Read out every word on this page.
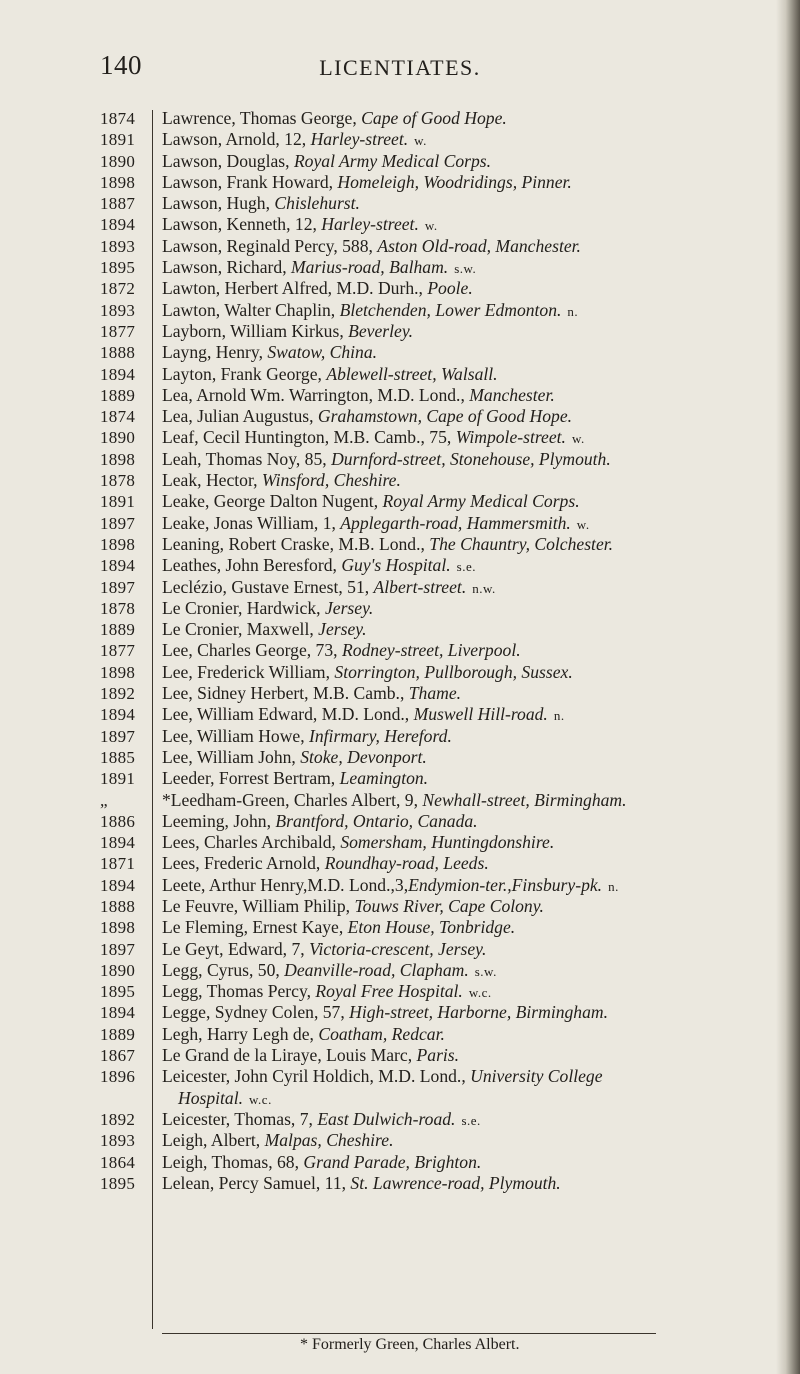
140	LICENTIATES.
1874	Lawrence, Thomas George, Cape of Good Hope.
1891	Lawson, Arnold, 12, Harley-street. w.
1890	Lawson, Douglas, Royal Army Medical Corps.
1898	Lawson, Frank Howard, Homeleigh, Woodridings, Pinner.
1887	Lawson, Hugh, Chislehurst.
1894	Lawson, Kenneth, 12, Harley-street. w.
1893	Lawson, Reginald Percy, 588, Aston Old-road, Manchester.
1895	Lawson, Richard, Marius-road, Balham. s.w.
1872	Lawton, Herbert Alfred, M.D. Durh., Poole.
1893	Lawton, Walter Chaplin, Bletchenden, Lower Edmonton. n.
1877	Layborn, William Kirkus, Beverley.
1888	Layng, Henry, Swatow, China.
1894	Layton, Frank George, Ablewell-street, Walsall.
1889	Lea, Arnold Wm. Warrington, M.D. Lond., Manchester.
1874	Lea, Julian Augustus, Grahamstown, Cape of Good Hope.
1890	Leaf, Cecil Huntington, M.B. Camb., 75, Wimpole-street. w.
1898	Leah, Thomas Noy, 85, Durnford-street, Stonehouse, Plymouth.
1878	Leak, Hector, Winsford, Cheshire.
1891	Leake, George Dalton Nugent, Royal Army Medical Corps.
1897	Leake, Jonas William, 1, Applegarth-road, Hammersmith. w.
1898	Leaning, Robert Craske, M.B. Lond., The Chauntry, Colchester.
1894	Leathes, John Beresford, Guy's Hospital. s.e.
1897	Leclézio, Gustave Ernest, 51, Albert-street. n.w.
1878	Le Cronier, Hardwick, Jersey.
1889	Le Cronier, Maxwell, Jersey.
1877	Lee, Charles George, 73, Rodney-street, Liverpool.
1898	Lee, Frederick William, Storrington, Pullborough, Sussex.
1892	Lee, Sidney Herbert, M.B. Camb., Thame.
1894	Lee, William Edward, M.D. Lond., Muswell Hill-road. n.
1897	Lee, William Howe, Infirmary, Hereford.
1885	Lee, William John, Stoke, Devonport.
1891	Leeder, Forrest Bertram, Leamington.
„	*Leedham-Green, Charles Albert, 9, Newhall-street, Birmingham.
1886	Leeming, John, Brantford, Ontario, Canada.
1894	Lees, Charles Archibald, Somersham, Huntingdonshire.
1871	Lees, Frederic Arnold, Roundhay-road, Leeds.
1894	Leete, Arthur Henry,M.D. Lond.,3,Endymion-ter.,Finsbury-pk. n.
1888	Le Feuvre, William Philip, Touws River, Cape Colony.
1898	Le Fleming, Ernest Kaye, Eton House, Tonbridge.
1897	Le Geyt, Edward, 7, Victoria-crescent, Jersey.
1890	Legg, Cyrus, 50, Deanville-road, Clapham. s.w.
1895	Legg, Thomas Percy, Royal Free Hospital. w.c.
1894	Legge, Sydney Colen, 57, High-street, Harborne, Birmingham.
1889	Legh, Harry Legh de, Coatham, Redcar.
1867	Le Grand de la Liraye, Louis Marc, Paris.
1896	Leicester, John Cyril Holdich, M.D. Lond., University College
Hospital. w.c.
1892	Leicester, Thomas, 7, East Dulwich-road. s.e.
1893	Leigh, Albert, Malpas, Cheshire.
1864	Leigh, Thomas, 68, Grand Parade, Brighton.
1895	Lelean, Percy Samuel, 11, St. Lawrence-road, Plymouth.
* Formerly Green, Charles Albert.
